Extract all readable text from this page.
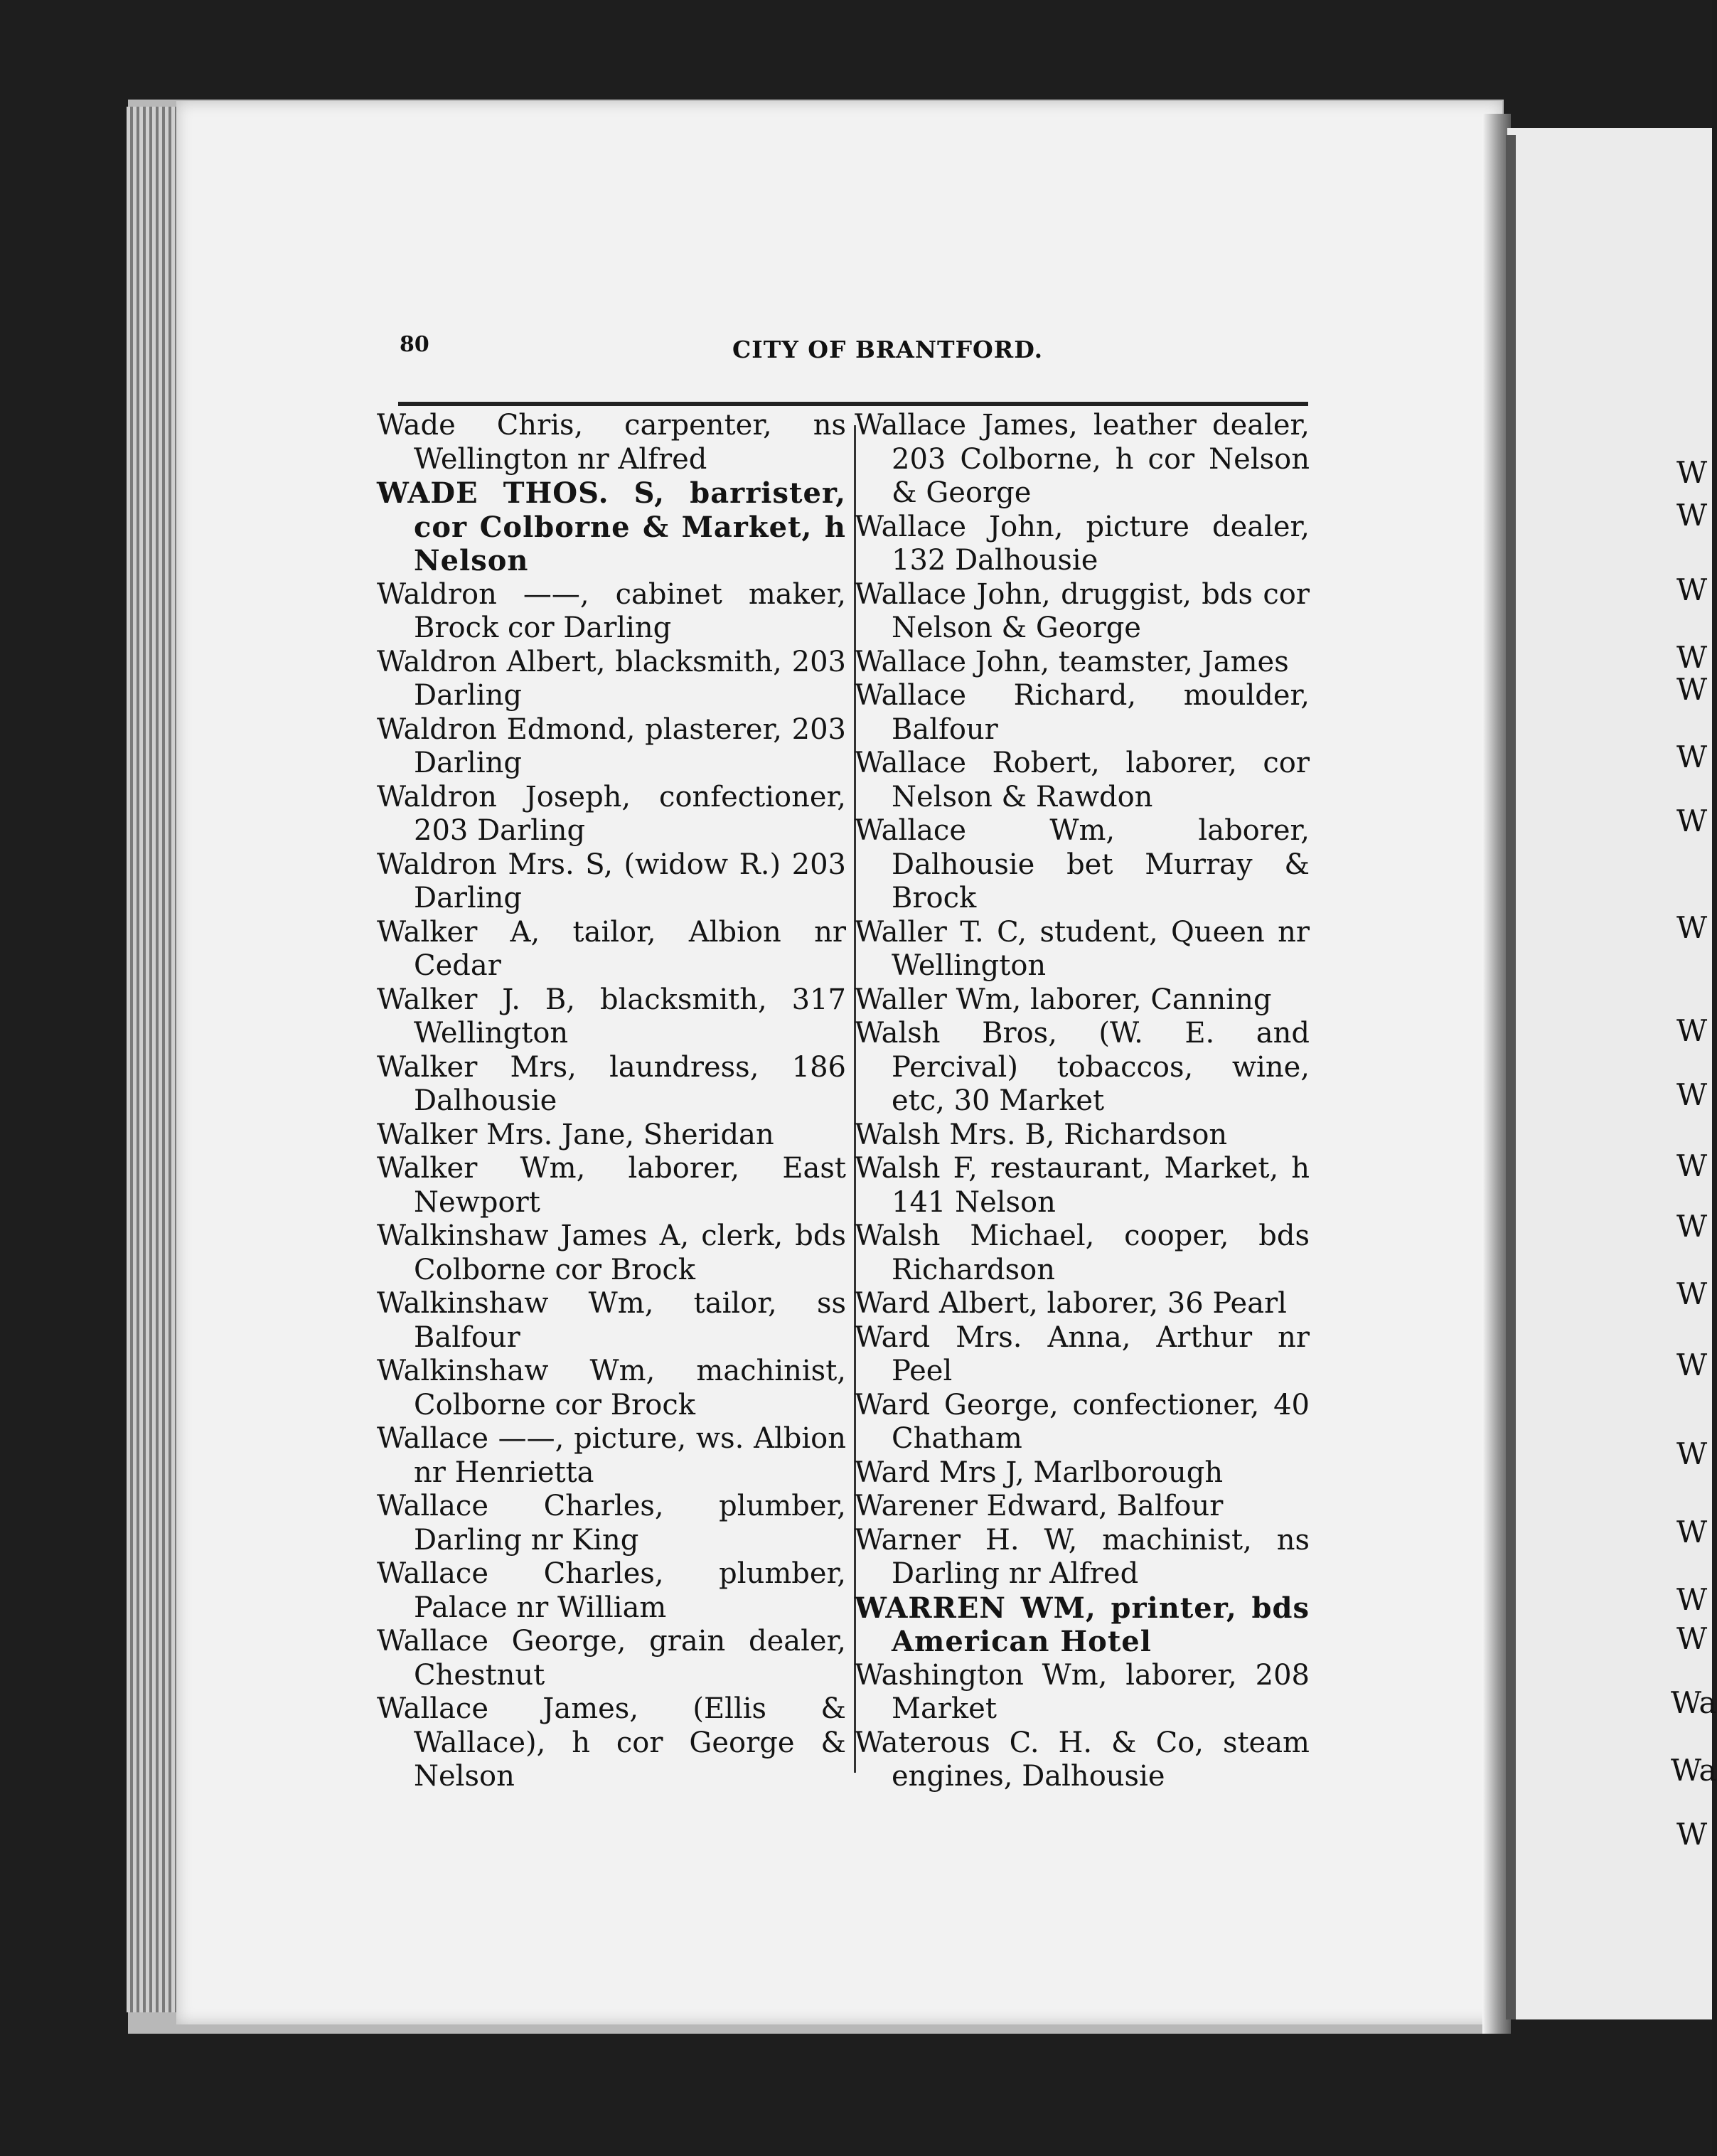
80	CITY OF BRANTFORD.
Wade Chris, carpenter, ns Wellington nr Alfred
WADE THOS. S, barrister, cor Colborne & Market, h Nelson
Waldron ——, cabinet maker, Brock cor Darling
Waldron Albert, blacksmith, 203 Darling
Waldron Edmond, plasterer, 203 Darling
Waldron Joseph, confectioner, 203 Darling
Waldron Mrs. S, (widow R.) 203 Darling
Walker A, tailor, Albion nr Cedar
Walker J. B, blacksmith, 317 Wellington
Walker Mrs, laundress, 186 Dalhousie
Walker Mrs. Jane, Sheridan
Walker Wm, laborer, East Newport
Walkinshaw James A, clerk, bds Colborne cor Brock
Walkinshaw Wm, tailor, ss Balfour
Walkinshaw Wm, machinist, Colborne cor Brock
Wallace ——, picture, ws. Albion nr Henrietta
Wallace Charles, plumber, Darling nr King
Wallace Charles, plumber, Palace nr William
Wallace George, grain dealer, Chestnut
Wallace James, (Ellis & Wallace), h cor George & Nelson
Wallace James, leather dealer, 203 Colborne, h cor Nelson & George
Wallace John, picture dealer, 132 Dalhousie
Wallace John, druggist, bds cor Nelson & George
Wallace John, teamster, James
Wallace Richard, moulder, Balfour
Wallace Robert, laborer, cor Nelson & Rawdon
Wallace Wm, laborer, Dalhousie bet Murray & Brock
Waller T. C, student, Queen nr Wellington
Waller Wm, laborer, Canning
Walsh Bros, (W. E. and Percival) tobaccos, wine, etc, 30 Market
Walsh Mrs. B, Richardson
Walsh F, restaurant, Market, h 141 Nelson
Walsh Michael, cooper, bds Richardson
Ward Albert, laborer, 36 Pearl
Ward Mrs. Anna, Arthur nr Peel
Ward George, confectioner, 40 Chatham
Ward Mrs J, Marlborough
Warener Edward, Balfour
Warner H. W, machinist, ns Darling nr Alfred
WARREN WM, printer, bds American Hotel
Washington Wm, laborer, 208 Market
Waterous C. H. & Co, steam engines, Dalhousie
W
W
W
W
W
W
W
W
W
W
W
W
W
W
W
W
W
W
Wa
Wa
W
